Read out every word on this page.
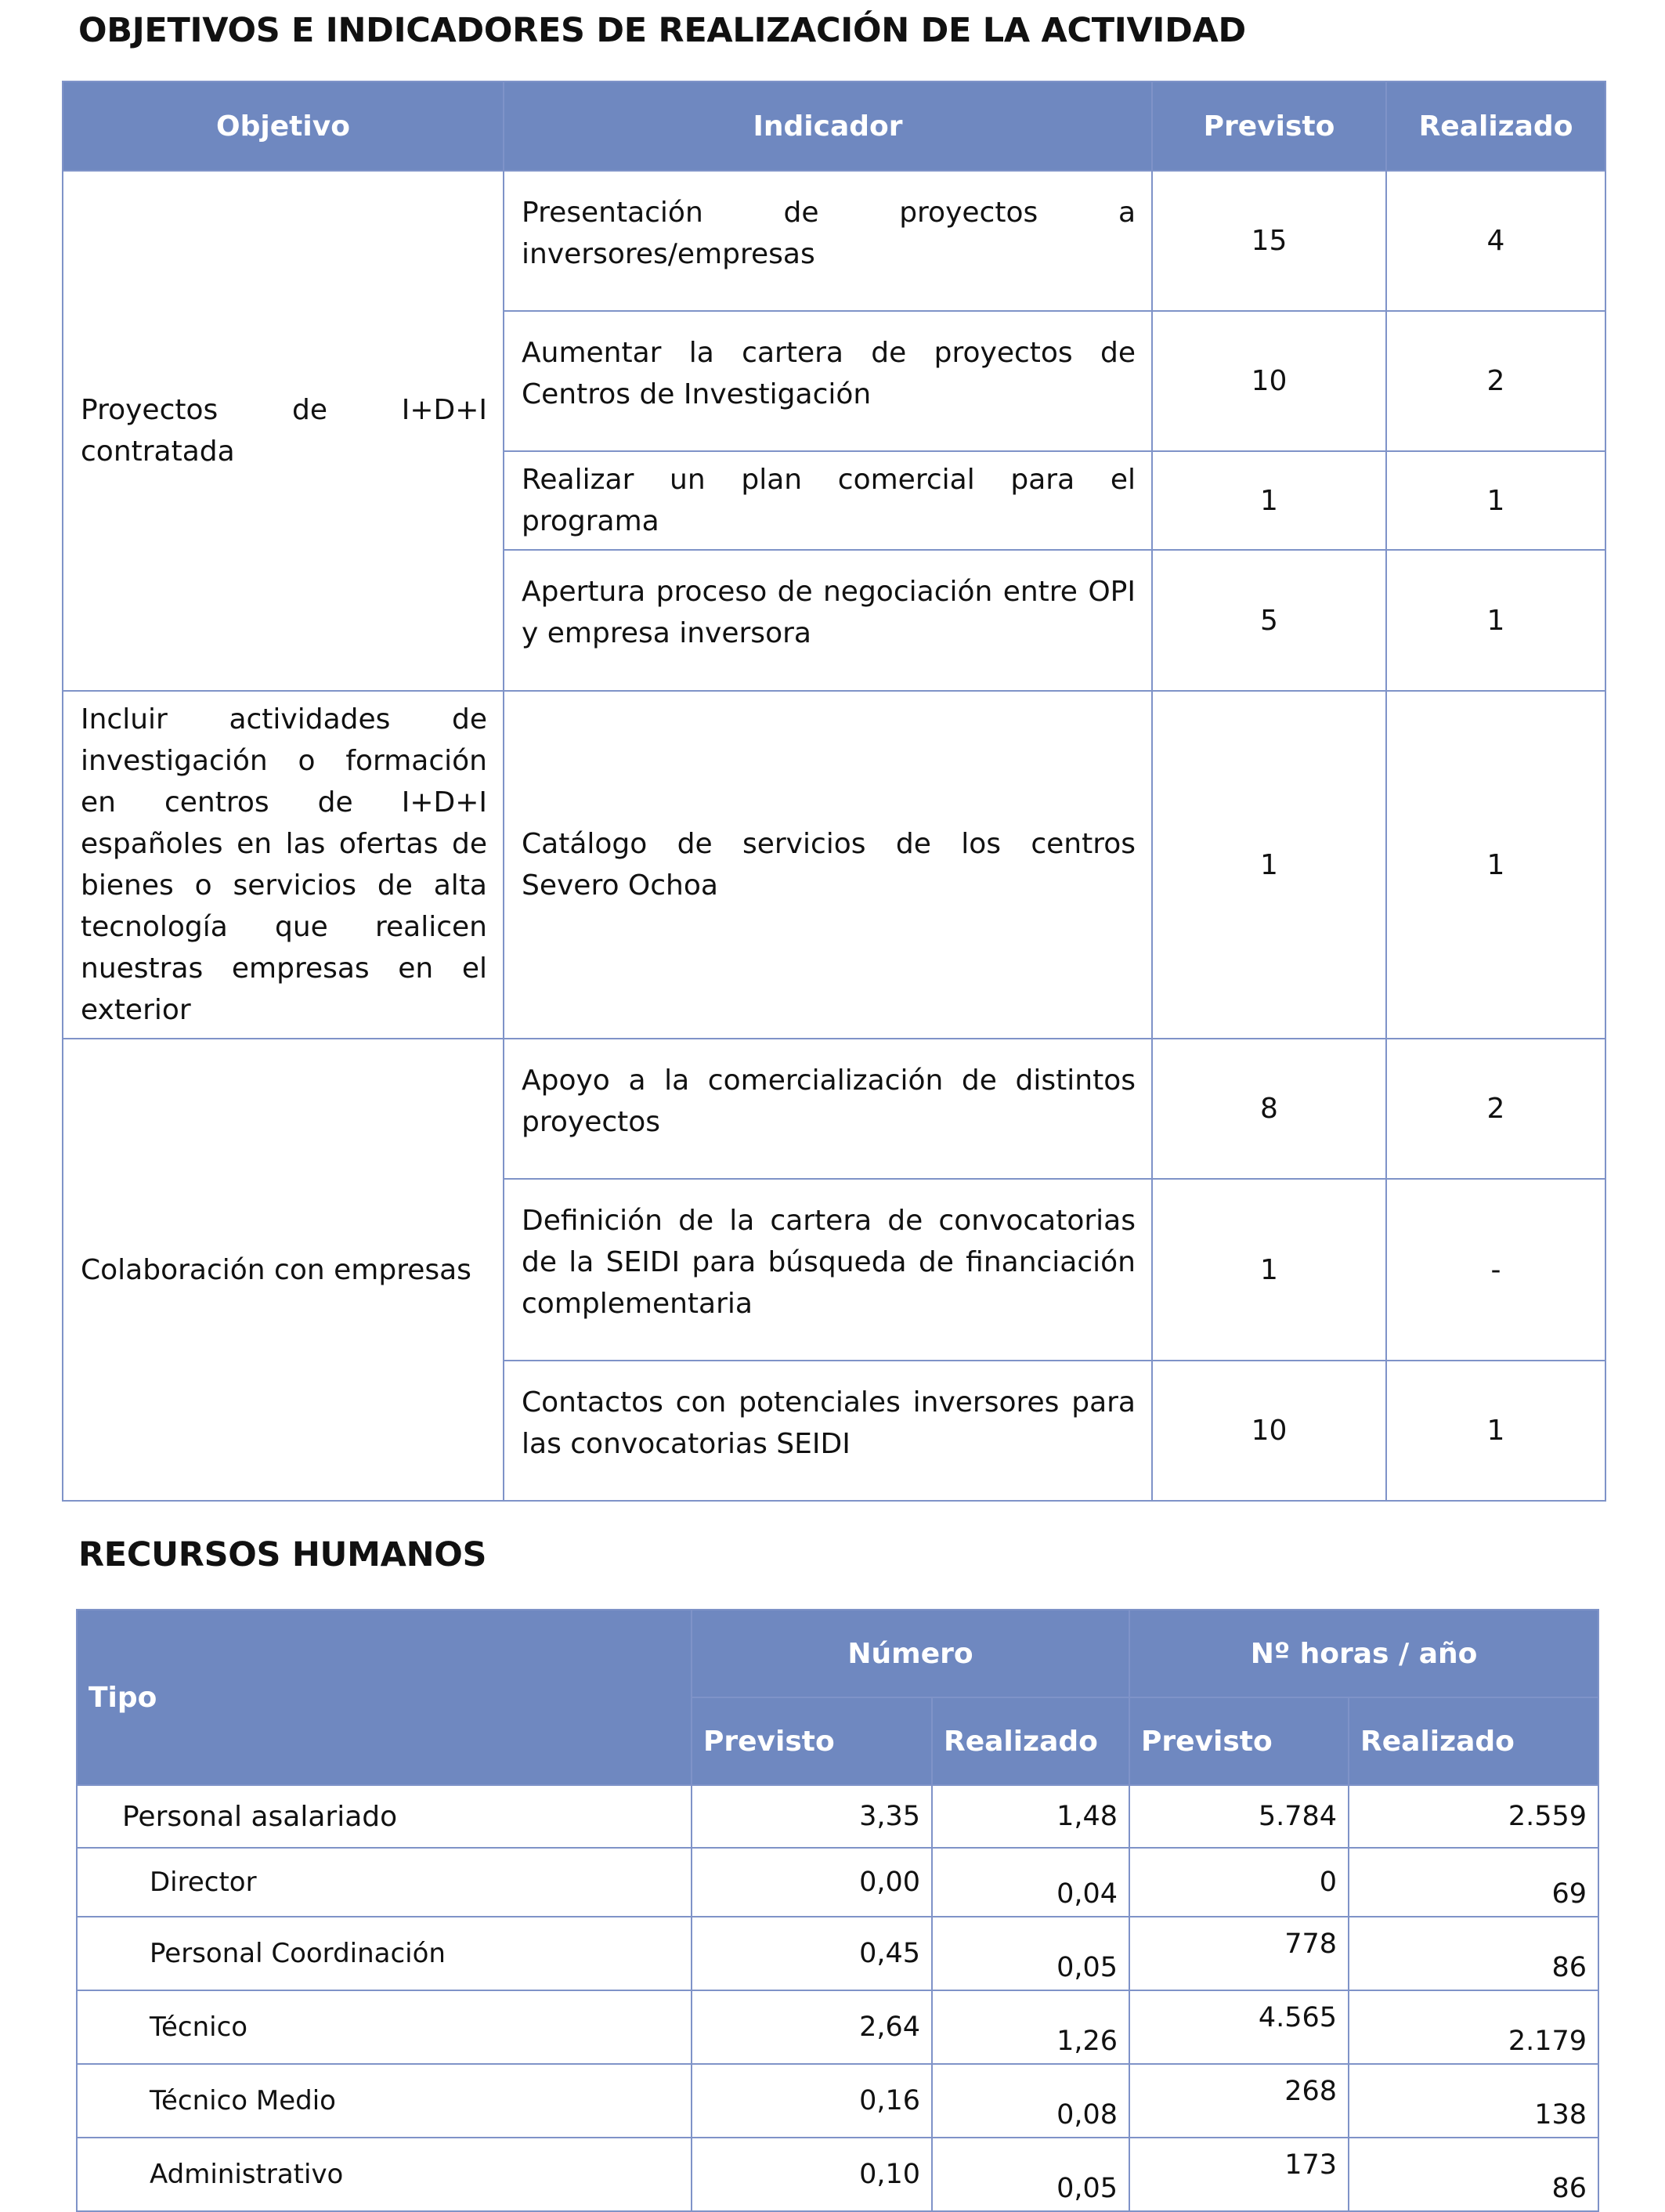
OBJETIVOS E INDICADORES DE REALIZACIÓN DE LA ACTIVIDAD
Objetivo	Indicador	Previsto	Realizado
Proyectos de I+D+I contratada	Presentación de proyectos a inversores/empresas	15	4
	Aumentar la cartera de proyectos de Centros de Investigación	10	2
	Realizar un plan comercial para el programa	1	1
	Apertura proceso de negociación entre OPI y empresa inversora	5	1
Incluir actividades de investigación o formación en centros de I+D+I españoles en las ofertas de bienes o servicios de alta tecnología que realicen nuestras empresas en el exterior	Catálogo de servicios de los centros Severo Ochoa	1	1
Colaboración con empresas	Apoyo a la comercialización de distintos proyectos	8	2
	Definición de la cartera de convocatorias de la SEIDI para búsqueda de financiación complementaria	1	-
	Contactos con potenciales inversores para las convocatorias SEIDI	10	1
RECURSOS HUMANOS
Tipo	Número		Nº horas / año	
	Previsto	Realizado	Previsto	Realizado
Personal asalariado	3,35	1,48	5.784	2.559
Director	0,00	0,04	0	69
Personal Coordinación	0,45	0,05	778	86
Técnico	2,64	1,26	4.565	2.179
Técnico Medio	0,16	0,08	268	138
Administrativo	0,10	0,05	173	86
